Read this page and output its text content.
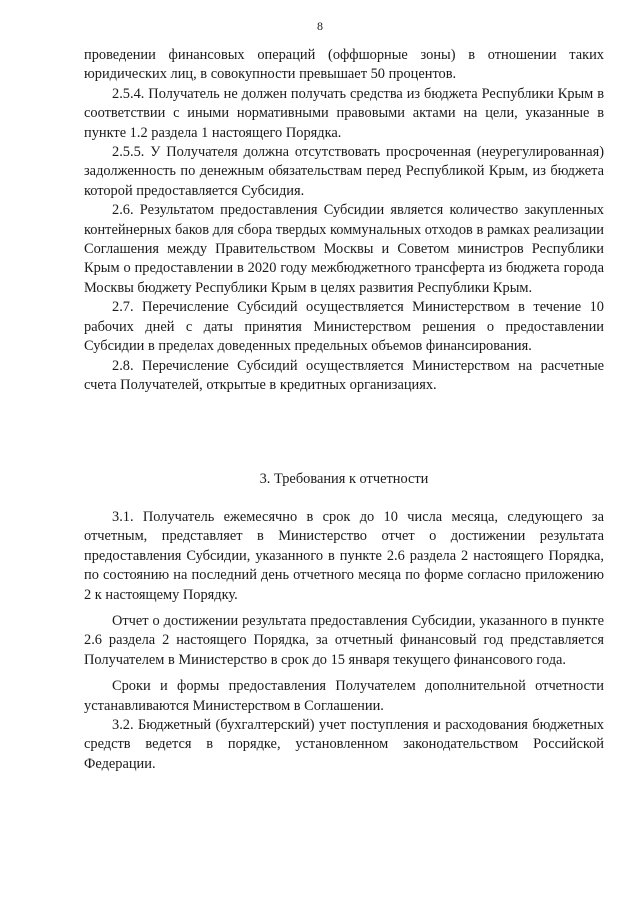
8

проведении финансовых операций (оффшорные зоны) в отношении таких юридических лиц, в совокупности превышает 50 процентов.

2.5.4. Получатель не должен получать средства из бюджета Республики Крым в соответствии с иными нормативными правовыми актами на цели, указанные в пункте 1.2 раздела 1 настоящего Порядка.

2.5.5. У Получателя должна отсутствовать просроченная (неурегулированная) задолженность по денежным обязательствам перед Республикой Крым, из бюджета которой предоставляется Субсидия.

2.6. Результатом предоставления Субсидии является количество закупленных контейнерных баков для сбора твердых коммунальных отходов в рамках реализации Соглашения между Правительством Москвы и Советом министров Республики Крым о предоставлении в 2020 году межбюджетного трансферта из бюджета города Москвы бюджету Республики Крым в целях развития Республики Крым.

2.7. Перечисление Субсидий осуществляется Министерством в течение 10 рабочих дней с даты принятия Министерством решения о предоставлении Субсидии в пределах доведенных предельных объемов финансирования.

2.8. Перечисление Субсидий осуществляется Министерством на расчетные счета Получателей, открытые в кредитных организациях.

3. Требования к отчетности

3.1. Получатель ежемесячно в срок до 10 числа месяца, следующего за отчетным, представляет в Министерство отчет о достижении результата предоставления Субсидии, указанного в пункте 2.6 раздела 2 настоящего Порядка, по состоянию на последний день отчетного месяца по форме согласно приложению 2 к настоящему Порядку.

Отчет о достижении результата предоставления Субсидии, указанного в пункте 2.6 раздела 2 настоящего Порядка, за отчетный финансовый год представляется Получателем в Министерство в срок до 15 января текущего финансового года.

Сроки и формы предоставления Получателем дополнительной отчетности устанавливаются Министерством в Соглашении.

3.2. Бюджетный (бухгалтерский) учет поступления и расходования бюджетных средств ведется в порядке, установленном законодательством Российской Федерации.
